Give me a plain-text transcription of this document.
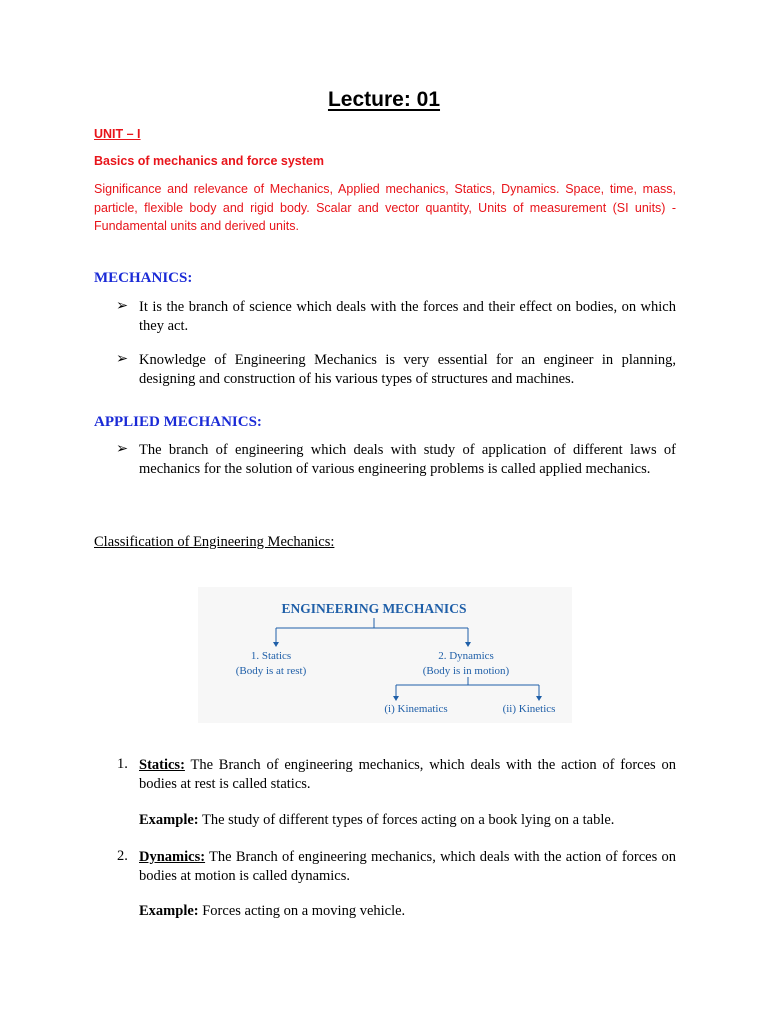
Lecture: 01
UNIT – I
Basics of mechanics and force system
Significance and relevance of Mechanics, Applied mechanics, Statics, Dynamics. Space, time, mass, particle, flexible body and rigid body. Scalar and vector quantity, Units of measurement (SI units) - Fundamental units and derived units.
MECHANICS:
➢ It is the branch of science which deals with the forces and their effect on bodies, on which they act.
➢ Knowledge of Engineering Mechanics is very essential for an engineer in planning, designing and construction of his various types of structures and machines.
APPLIED MECHANICS:
➢ The branch of engineering which deals with study of application of different laws of mechanics for the solution of various engineering problems is called applied mechanics.
Classification of Engineering Mechanics:
ENGINEERING MECHANICS
1. Statics
(Body is at rest)
2. Dynamics
(Body is in motion)
(i) Kinematics	(ii) Kinetics
1. Statics: The Branch of engineering mechanics, which deals with the action of forces on bodies at rest is called statics.
Example: The study of different types of forces acting on a book lying on a table.
2. Dynamics: The Branch of engineering mechanics, which deals with the action of forces on bodies at motion is called dynamics.
Example: Forces acting on a moving vehicle.
